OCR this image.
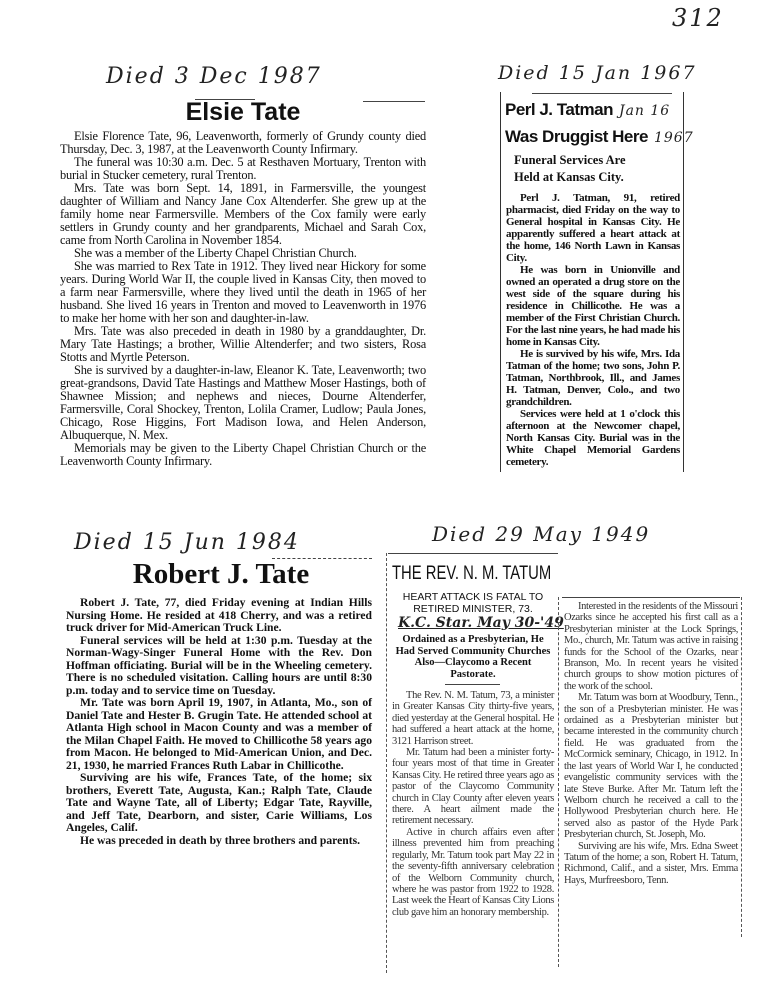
312
Died 3 Dec 1987
Elsie Tate

Elsie Florence Tate, 96, Leavenworth, formerly of Grundy county died Thursday, Dec. 3, 1987, at the Leavenworth County Infirmary.

The funeral was 10:30 a.m. Dec. 5 at Resthaven Mortuary, Trenton with burial in Stucker cemetery, rural Trenton.

Mrs. Tate was born Sept. 14, 1891, in Farmersville, the youngest daughter of William and Nancy Jane Cox Altenderfer. She grew up at the family home near Farmersville. Members of the Cox family were early settlers in Grundy county and her grandparents, Michael and Sarah Cox, came from North Carolina in November 1854.

She was a member of the Liberty Chapel Christian Church.

She was married to Rex Tate in 1912. They lived near Hickory for some years. During World War II, the couple lived in Kansas City, then moved to a farm near Farmersville, where they lived until the death in 1965 of her husband. She lived 16 years in Trenton and moved to Leavenworth in 1976 to make her home with her son and daughter-in-law.

Mrs. Tate was also preceded in death in 1980 by a granddaughter, Dr. Mary Tate Hastings; a brother, Willie Altenderfer; and two sisters, Rosa Stotts and Myrtle Peterson.

She is survived by a daughter-in-law, Eleanor K. Tate, Leavenworth; two great-grandsons, David Tate Hastings and Matthew Moser Hastings, both of Shawnee Mission; and nephews and nieces, Dourne Altenderfer, Farmersville, Coral Shockey, Trenton, Lolila Cramer, Ludlow; Paula Jones, Chicago, Rose Higgins, Fort Madison Iowa, and Helen Anderson, Albuquerque, N. Mex.

Memorials may be given to the Liberty Chapel Christian Church or the Leavenworth County Infirmary.

Died 15 Jan 1967
Perl J. Tatman Jan 16
Was Druggist Here 1967
Funeral Services Are
Held at Kansas City.

Perl J. Tatman, 91, retired pharmacist, died Friday on the way to General hospital in Kansas City. He apparently suffered a heart attack at the home, 146 North Lawn in Kansas City.

He was born in Unionville and owned an operated a drug store on the west side of the square during his residence in Chillicothe. He was a member of the First Christian Church. For the last nine years, he had made his home in Kansas City.

He is survived by his wife, Mrs. Ida Tatman of the home; two sons, John P. Tatman, Northbrook, Ill., and James H. Tatman, Denver, Colo., and two grandchildren.

Services were held at 1 o'clock this afternoon at the Newcomer chapel, North Kansas City. Burial was in the White Chapel Memorial Gardens cemetery.

Died 15 Jun 1984
Robert J. Tate

Robert J. Tate, 77, died Friday evening at Indian Hills Nursing Home. He resided at 418 Cherry, and was a retired truck driver for Mid-American Truck Line.

Funeral services will be held at 1:30 p.m. Tuesday at the Norman-Wagy-Singer Funeral Home with the Rev. Don Hoffman officiating. Burial will be in the Wheeling cemetery. There is no scheduled visitation. Calling hours are until 8:30 p.m. today and to service time on Tuesday.

Mr. Tate was born April 19, 1907, in Atlanta, Mo., son of Daniel Tate and Hester B. Grugin Tate. He attended school at Atlanta High school in Macon County and was a member of the Milan Chapel Faith. He moved to Chillicothe 58 years ago from Macon. He belonged to Mid-American Union, and Dec. 21, 1930, he married Frances Ruth Labar in Chillicothe.

Surviving are his wife, Frances Tate, of the home; six brothers, Everett Tate, Augusta, Kan.; Ralph Tate, Claude Tate and Wayne Tate, all of Liberty; Edgar Tate, Rayville, and Jeff Tate, Dearborn, and sister, Carie Williams, Los Angeles, Calif.

He was preceded in death by three brothers and parents.

Died 29 May 1949
THE REV. N. M. TATUM
HEART ATTACK IS FATAL TO RETIRED MINISTER, 73.
K.C. Star. May 30-'49
Ordained as a Presbyterian, He Had Served Community Churches Also—Claycomo a Recent Pastorate.

The Rev. N. M. Tatum, 73, a minister in Greater Kansas City thirty-five years, died yesterday at the General hospital. He had suffered a heart attack at the home, 3121 Harrison street.

Mr. Tatum had been a minister forty-four years most of that time in Greater Kansas City. He retired three years ago as pastor of the Claycomo Community church in Clay County after eleven years there. A heart ailment made the retirement necessary.

Active in church affairs even after illness prevented him from preaching regularly, Mr. Tatum took part May 22 in the seventy-fifth anniversary celebration of the Welborn Community church, where he was pastor from 1922 to 1928. Last week the Heart of Kansas City Lions club gave him an honorary membership.

Interested in the residents of the Missouri Ozarks since he accepted his first call as a Presbyterian minister at the Lock Springs, Mo., church, Mr. Tatum was active in raising funds for the School of the Ozarks, near Branson, Mo. In recent years he visited church groups to show motion pictures of the work of the school.

Mr. Tatum was born at Woodbury, Tenn., the son of a Presbyterian minister. He was ordained as a Presbyterian minister but became interested in the community church field. He was graduated from the McCormick seminary, Chicago, in 1912. In the last years of World War I, he conducted evangelistic community services with the late Steve Burke. After Mr. Tatum left the Welborn church he received a call to the Hollywood Presbyterian church here. He served also as pastor of the Hyde Park Presbyterian church, St. Joseph, Mo.

Surviving are his wife, Mrs. Edna Sweet Tatum of the home; a son, Robert H. Tatum, Richmond, Calif., and a sister, Mrs. Emma Hays, Murfreesboro, Tenn.
